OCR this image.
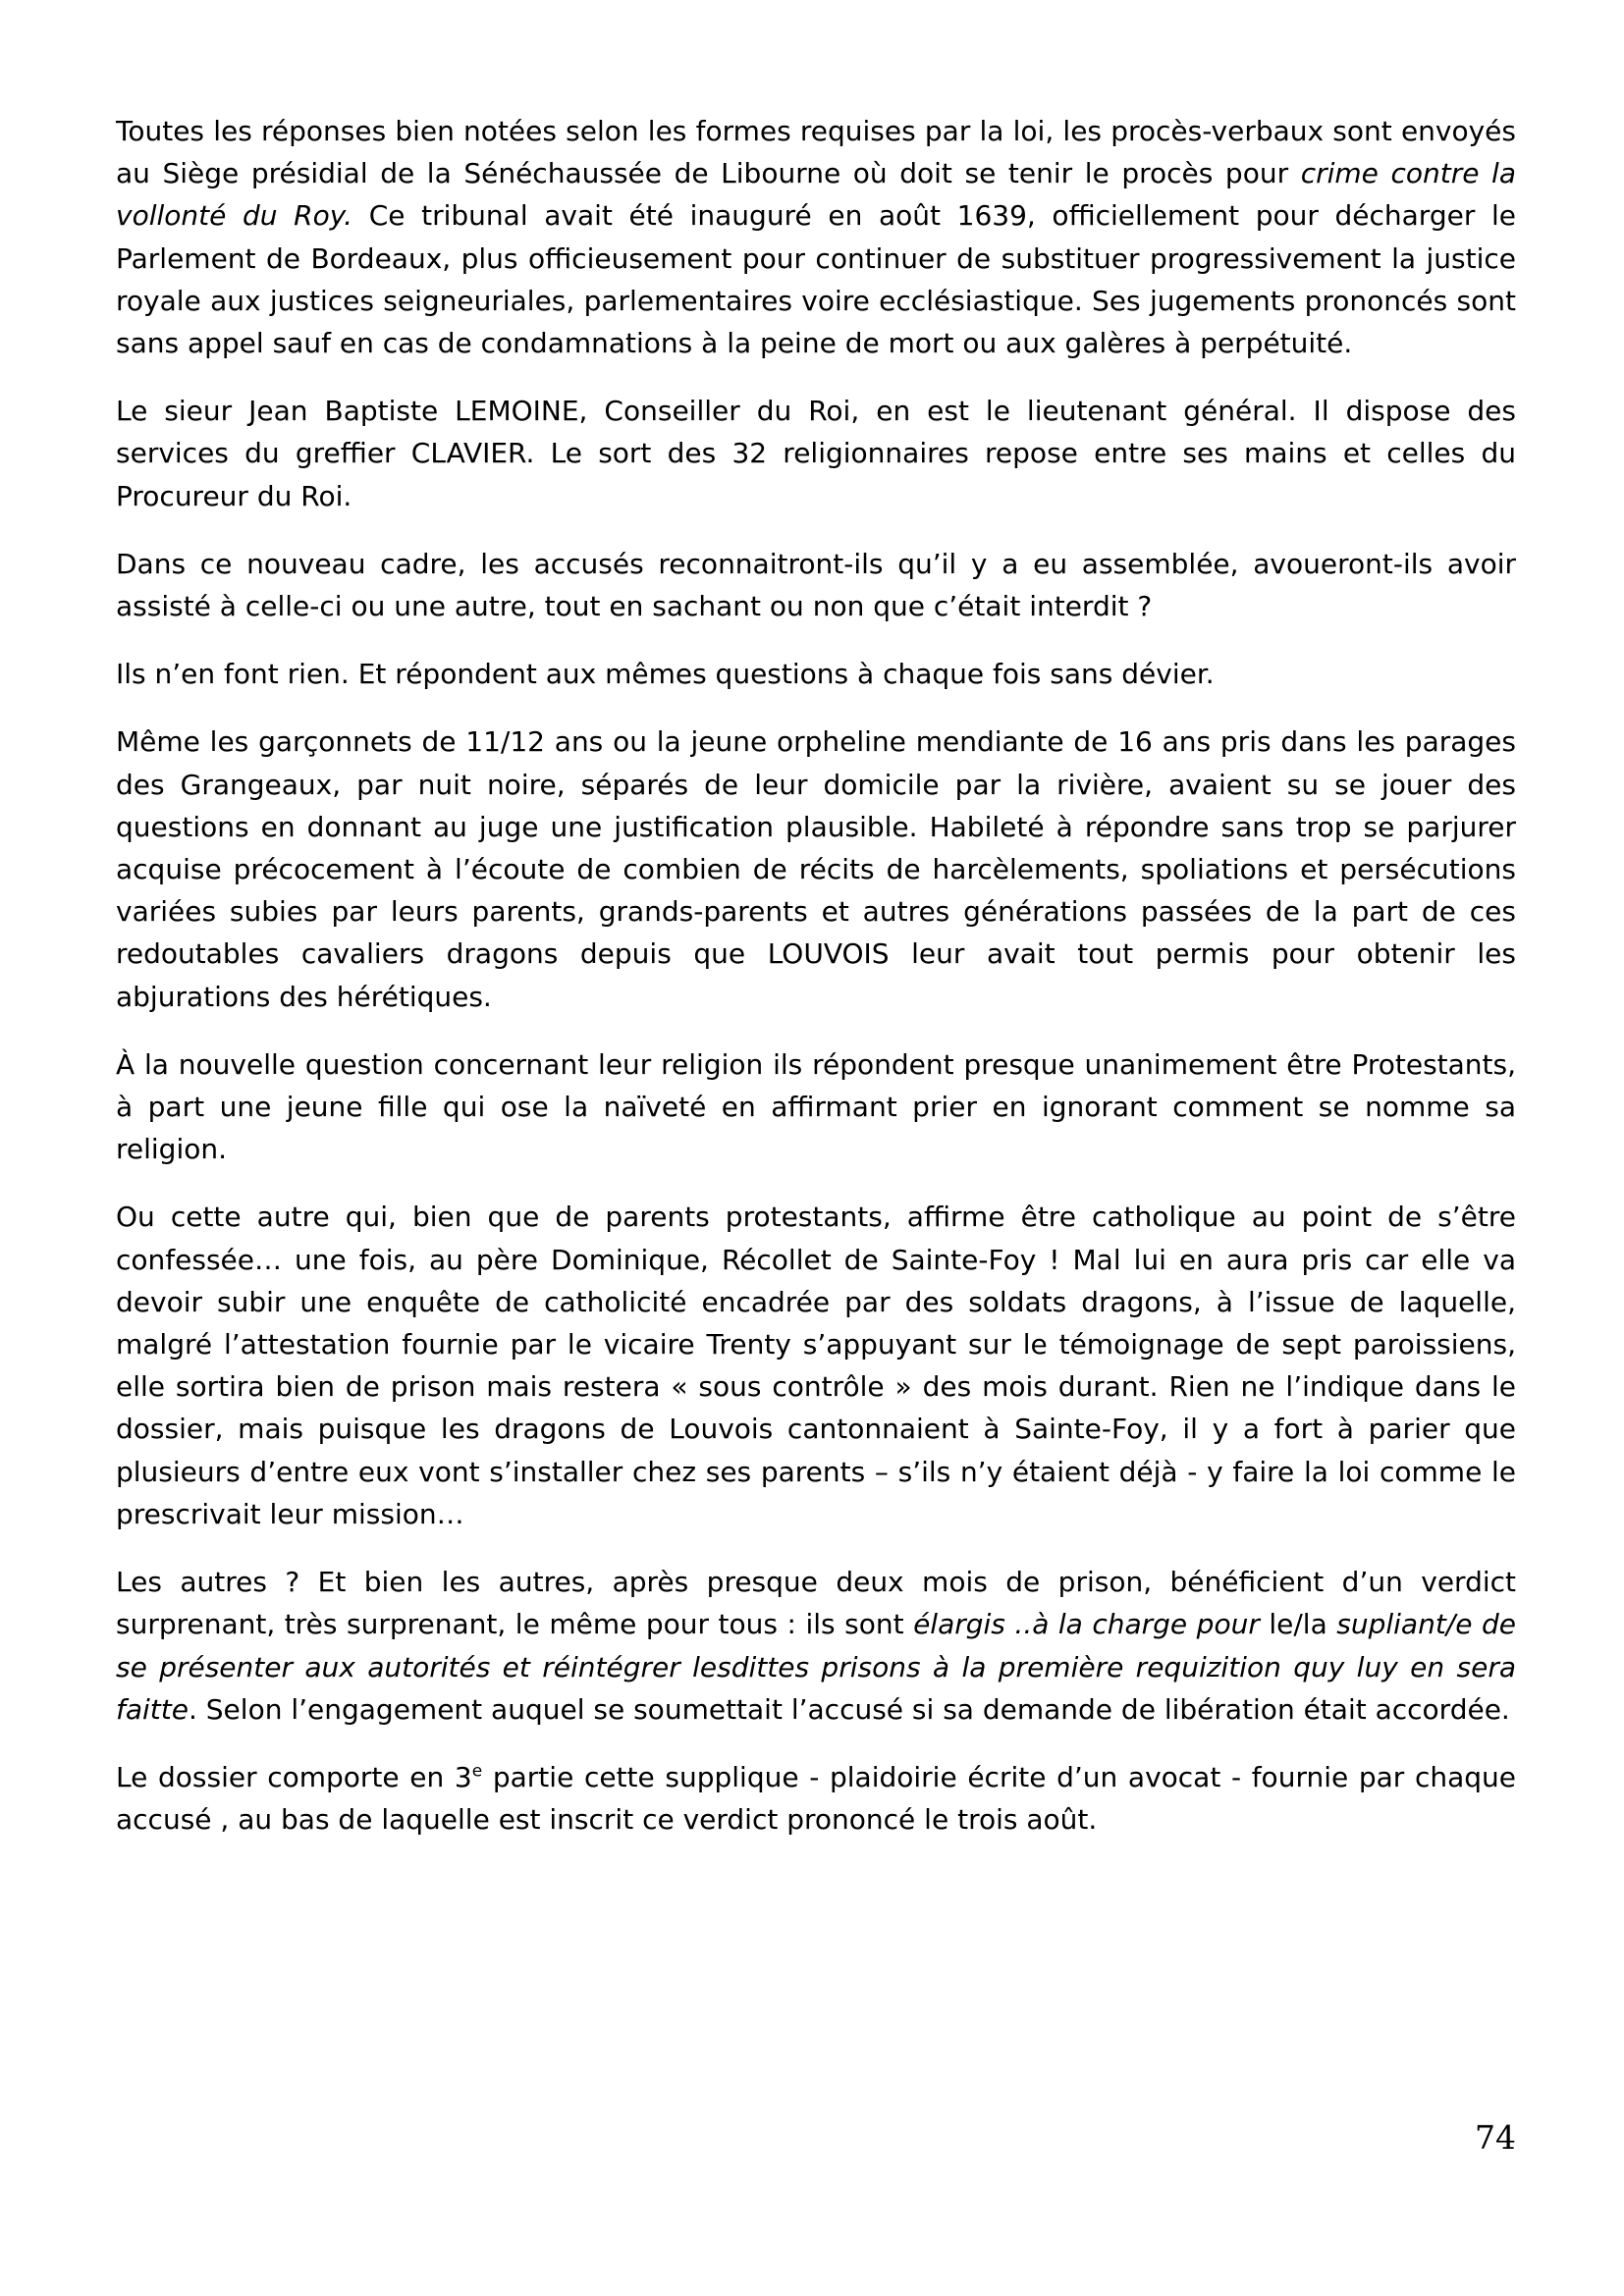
Toutes les réponses bien notées selon les formes requises par la loi, les procès-verbaux sont envoyés au Siège présidial de la Sénéchaussée de Libourne où doit se tenir le procès pour crime contre la vollonté du Roy. Ce tribunal avait été inauguré en août 1639, officiellement pour décharger le Parlement de Bordeaux, plus officieusement pour continuer de substituer progressivement la justice royale aux justices seigneuriales, parlementaires voire ecclésiastique. Ses jugements prononcés sont sans appel sauf en cas de condamnations à la peine de mort ou aux galères à perpétuité.

Le sieur Jean Baptiste LEMOINE, Conseiller du Roi, en est le lieutenant général. Il dispose des services du greffier CLAVIER. Le sort des 32 religionnaires repose entre ses mains et celles du Procureur du Roi.

Dans ce nouveau cadre, les accusés reconnaitront-ils qu’il y a eu assemblée, avoueront-ils avoir assisté à celle-ci ou une autre, tout en sachant ou non que c’était interdit ?

Ils n’en font rien. Et répondent aux mêmes questions à chaque fois sans dévier.

Même les garçonnets de 11/12 ans ou la jeune orpheline mendiante de 16 ans pris dans les parages des Grangeaux, par nuit noire, séparés de leur domicile par la rivière, avaient su se jouer des questions en donnant au juge une justification plausible. Habileté à répondre sans trop se parjurer acquise précocement à l’écoute de combien de récits de harcèlements, spoliations et persécutions variées subies par leurs parents, grands-parents et autres générations passées de la part de ces redoutables cavaliers dragons depuis que LOUVOIS leur avait tout permis pour obtenir les abjurations des hérétiques.

À la nouvelle question concernant leur religion ils répondent presque unanimement être Protestants, à part une jeune fille qui ose la naïveté en affirmant prier en ignorant comment se nomme sa religion.

Ou cette autre qui, bien que de parents protestants, affirme être catholique au point de s’être confessée… une fois, au père Dominique, Récollet de Sainte-Foy ! Mal lui en aura pris car elle va devoir subir une enquête de catholicité encadrée par des soldats dragons, à l’issue de laquelle, malgré l’attestation fournie par le vicaire Trenty s’appuyant sur le témoignage de sept paroissiens, elle sortira bien de prison mais restera « sous contrôle » des mois durant. Rien ne l’indique dans le dossier, mais puisque les dragons de Louvois cantonnaient à Sainte-Foy, il y a fort à parier que plusieurs d’entre eux vont s’installer chez ses parents – s’ils n’y étaient déjà - y faire la loi comme le prescrivait leur mission…

Les autres ? Et bien les autres, après presque deux mois de prison, bénéficient d’un verdict surprenant, très surprenant, le même pour tous : ils sont élargis ..à la charge pour le/la supliant/e de se présenter aux autorités et réintégrer lesdittes prisons à la première requizition quy luy en sera faitte. Selon l’engagement auquel se soumettait l’accusé si sa demande de libération était accordée.

Le dossier comporte en 3e partie cette supplique - plaidoirie écrite d’un avocat - fournie par chaque accusé , au bas de laquelle est inscrit ce verdict prononcé le trois août.

74
